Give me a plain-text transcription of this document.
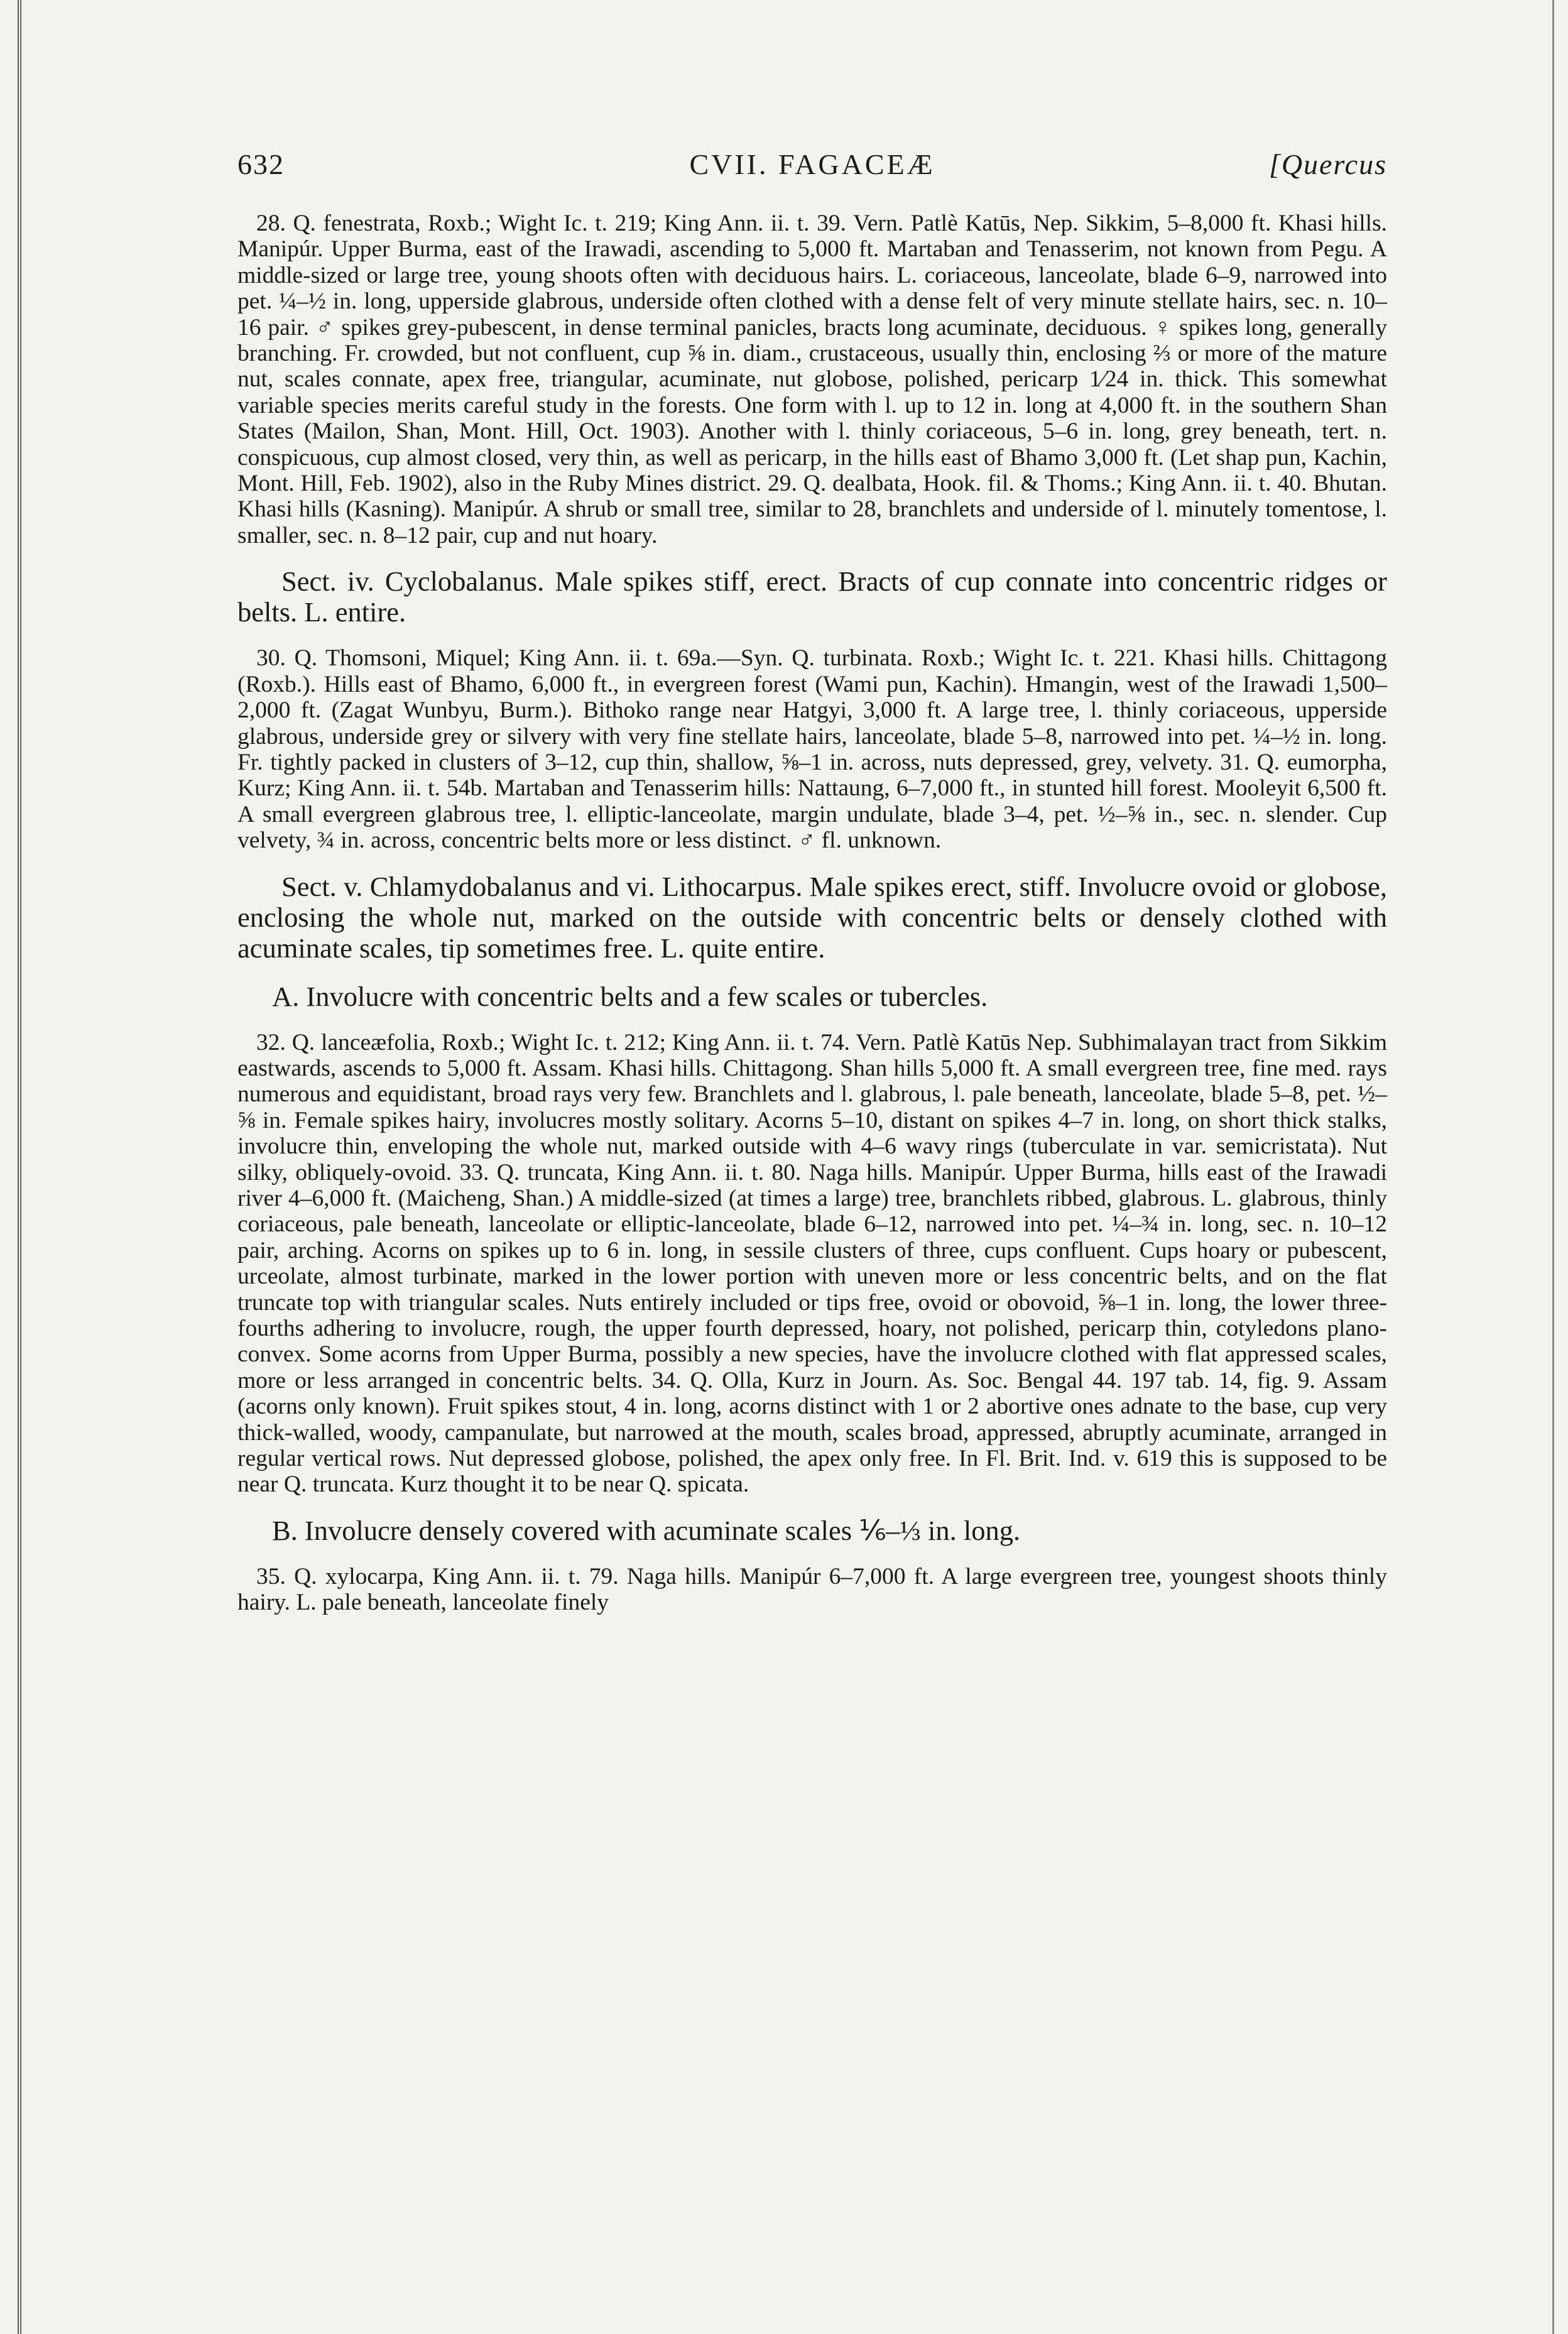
632	CVII. FAGACEÆ	[Quercus

28. Q. fenestrata, Roxb.; Wight Ic. t. 219; King Ann. ii. t. 39. Vern. Patlè Katūs, Nep. Sikkim, 5–8,000 ft. Khasi hills. Manipúr. Upper Burma, east of the Irawadi, ascending to 5,000 ft. Martaban and Tenasserim, not known from Pegu. A middle-sized or large tree, young shoots often with deciduous hairs. L. coriaceous, lanceolate, blade 6–9, narrowed into pet. ¼–½ in. long, upperside glabrous, underside often clothed with a dense felt of very minute stellate hairs, sec. n. 10–16 pair. ♂ spikes grey-pubescent, in dense terminal panicles, bracts long acuminate, deciduous. ♀ spikes long, generally branching. Fr. crowded, but not confluent, cup ⅝ in. diam., crustaceous, usually thin, enclosing ⅔ or more of the mature nut, scales connate, apex free, triangular, acuminate, nut globose, polished, pericarp 1⁄24 in. thick. This somewhat variable species merits careful study in the forests. One form with l. up to 12 in. long at 4,000 ft. in the southern Shan States (Mailon, Shan, Mont. Hill, Oct. 1903). Another with l. thinly coriaceous, 5–6 in. long, grey beneath, tert. n. conspicuous, cup almost closed, very thin, as well as pericarp, in the hills east of Bhamo 3,000 ft. (Let shap pun, Kachin, Mont. Hill, Feb. 1902), also in the Ruby Mines district. 29. Q. dealbata, Hook. fil. & Thoms.; King Ann. ii. t. 40. Bhutan. Khasi hills (Kasning). Manipúr. A shrub or small tree, similar to 28, branchlets and underside of l. minutely tomentose, l. smaller, sec. n. 8–12 pair, cup and nut hoary.

Sect. iv. Cyclobalanus. Male spikes stiff, erect. Bracts of cup connate into concentric ridges or belts. L. entire.

30. Q. Thomsoni, Miquel; King Ann. ii. t. 69a.—Syn. Q. turbinata. Roxb.; Wight Ic. t. 221. Khasi hills. Chittagong (Roxb.). Hills east of Bhamo, 6,000 ft., in evergreen forest (Wami pun, Kachin). Hmangin, west of the Irawadi 1,500–2,000 ft. (Zagat Wunbyu, Burm.). Bithoko range near Hatgyi, 3,000 ft. A large tree, l. thinly coriaceous, upperside glabrous, underside grey or silvery with very fine stellate hairs, lanceolate, blade 5–8, narrowed into pet. ¼–½ in. long. Fr. tightly packed in clusters of 3–12, cup thin, shallow, ⅝–1 in. across, nuts depressed, grey, velvety. 31. Q. eumorpha, Kurz; King Ann. ii. t. 54b. Martaban and Tenasserim hills: Nattaung, 6–7,000 ft., in stunted hill forest. Mooleyit 6,500 ft. A small evergreen glabrous tree, l. elliptic-lanceolate, margin undulate, blade 3–4, pet. ½–⅝ in., sec. n. slender. Cup velvety, ¾ in. across, concentric belts more or less distinct. ♂ fl. unknown.

Sect. v. Chlamydobalanus and vi. Lithocarpus. Male spikes erect, stiff. Involucre ovoid or globose, enclosing the whole nut, marked on the outside with concentric belts or densely clothed with acuminate scales, tip sometimes free. L. quite entire.

A. Involucre with concentric belts and a few scales or tubercles.

32. Q. lanceæfolia, Roxb.; Wight Ic. t. 212; King Ann. ii. t. 74. Vern. Patlè Katūs Nep. Subhimalayan tract from Sikkim eastwards, ascends to 5,000 ft. Assam. Khasi hills. Chittagong. Shan hills 5,000 ft. A small evergreen tree, fine med. rays numerous and equidistant, broad rays very few. Branchlets and l. glabrous, l. pale beneath, lanceolate, blade 5–8, pet. ½–⅝ in. Female spikes hairy, involucres mostly solitary. Acorns 5–10, distant on spikes 4–7 in. long, on short thick stalks, involucre thin, enveloping the whole nut, marked outside with 4–6 wavy rings (tuberculate in var. semicristata). Nut silky, obliquely-ovoid. 33. Q. truncata, King Ann. ii. t. 80. Naga hills. Manipúr. Upper Burma, hills east of the Irawadi river 4–6,000 ft. (Maicheng, Shan.) A middle-sized (at times a large) tree, branchlets ribbed, glabrous. L. glabrous, thinly coriaceous, pale beneath, lanceolate or elliptic-lanceolate, blade 6–12, narrowed into pet. ¼–¾ in. long, sec. n. 10–12 pair, arching. Acorns on spikes up to 6 in. long, in sessile clusters of three, cups confluent. Cups hoary or pubescent, urceolate, almost turbinate, marked in the lower portion with uneven more or less concentric belts, and on the flat truncate top with triangular scales. Nuts entirely included or tips free, ovoid or obovoid, ⅝–1 in. long, the lower three-fourths adhering to involucre, rough, the upper fourth depressed, hoary, not polished, pericarp thin, cotyledons plano-convex. Some acorns from Upper Burma, possibly a new species, have the involucre clothed with flat appressed scales, more or less arranged in concentric belts. 34. Q. Olla, Kurz in Journ. As. Soc. Bengal 44. 197 tab. 14, fig. 9. Assam (acorns only known). Fruit spikes stout, 4 in. long, acorns distinct with 1 or 2 abortive ones adnate to the base, cup very thick-walled, woody, campanulate, but narrowed at the mouth, scales broad, appressed, abruptly acuminate, arranged in regular vertical rows. Nut depressed globose, polished, the apex only free. In Fl. Brit. Ind. v. 619 this is supposed to be near Q. truncata. Kurz thought it to be near Q. spicata.

B. Involucre densely covered with acuminate scales ⅙–⅓ in. long.

35. Q. xylocarpa, King Ann. ii. t. 79. Naga hills. Manipúr 6–7,000 ft. A large evergreen tree, youngest shoots thinly hairy. L. pale beneath, lanceolate finely
